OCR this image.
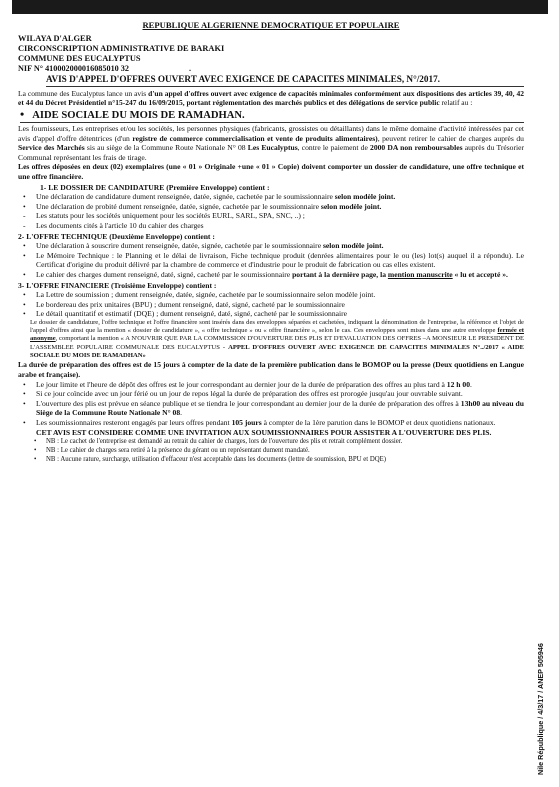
REPUBLIQUE ALGERIENNE DEMOCRATIQUE ET POPULAIRE
WILAYA D'ALGER
CIRCONSCRIPTION ADMINISTRATIVE DE BARAKI
COMMUNE DES EUCALYPTUS
NIF N° 410002000016085010 32	.
AVIS D'APPEL D'OFFRES OUVERT AVEC EXIGENCE DE CAPACITES MINIMALES, N°/2017.

La commune des Eucalyptus lance un avis d'un appel d'offres ouvert avec exigence de capacités minimales conformément aux dispositions des articles 39, 40, 42 et 44 du Décret Présidentiel n°15-247 du 16/09/2015, portant réglementation des marchés publics et des délégations de service public relatif au :

• AIDE SOCIALE DU MOIS DE RAMADHAN.

Les fournisseurs, Les entreprises et/ou les sociétés, les personnes physiques (fabricants, grossistes ou détaillants) dans le même domaine d'activité intéressées par cet avis d'appel d'offre détentrices (d'un registre de commerce commercialisation et vente de produits alimentaires), peuvent retirer le cahier de charges auprès du Service des Marchés sis au siège de la Commune Route Nationale N° 08 Les Eucalyptus, contre le paiement de 2000 DA non remboursables auprès du Trésorier Communal représentant les frais de tirage.

Les offres déposées en deux (02) exemplaires (une « 01 » Originale +une « 01 » Copie) doivent comporter un dossier de candidature, une offre technique et une offre financière.

1- LE DOSSIER DE CANDIDATURE (Première Enveloppe) contient :
• Une déclaration de candidature dument renseignée, datée, signée, cachetée par le soumissionnaire selon modèle joint.
• Une déclaration de probité dument renseignée, datée, signée, cachetée par le soumissionnaire selon modèle joint.
- Les statuts pour les sociétés uniquement pour les sociétés EURL, SARL, SPA, SNC, ..) ;
- Les documents cités à l'article 10 du cahier des charges
2- L'OFFRE TECHNIQUE (Deuxième Enveloppe) contient :
• Une déclaration à souscrire dument renseignée, datée, signée, cachetée par le soumissionnaire selon modèle joint.
• Le Mémoire Technique : le Planning et le délai de livraison, Fiche technique produit (denrées alimentaires pour le ou (les) lot(s) auquel il a répondu). Le Certificat d'origine du produit délivré par la chambre de commerce et d'industrie pour le produit de fabrication ou cas elles existent.
• Le cahier des charges dument renseigné, daté, signé, cacheté par le soumissionnaire portant à la dernière page, la mention manuscrite « lu et accepté ».
3- L'OFFRE FINANCIERE (Troisième Enveloppe) contient :
• La Lettre de soumission ; dument renseignée, datée, signée, cachetée par le soumissionnaire selon modèle joint.
• Le bordereau des prix unitaires (BPU) ; dument renseigné, daté, signé, cacheté par le soumissionnaire
• Le détail quantitatif et estimatif (DQE) ; dument renseigné, daté, signé, cacheté par le soumissionnaire

Le dossier de candidature, l'offre technique et l'offre financière sont insérés dans des enveloppes séparées et cachetées, indiquant la dénomination de l'entreprise, la référence et l'objet de l'appel d'offres ainsi que la mention « dossier de candidature », « offre technique » ou « offre financière », selon le cas. Ces enveloppes sont mises dans une autre enveloppe fermée et anonyme, comportant la mention « A N'OUVRIR QUE PAR LA COMMISSION D'OUVERTURE DES PLIS ET D'EVALUATION DES OFFRES –A MONSIEUR LE PRESIDENT DE L'ASSEMBLEE POPULAIRE COMMUNALE DES EUCALYPTUS - APPEL D'OFFRES OUVERT AVEC EXIGENCE DE CAPACITES MINIMALES N°../2017 « AIDE SOCIALE DU MOIS DE RAMADHAN»

La durée de préparation des offres est de 15 jours à compter de la date de la première publication dans le BOMOP ou la presse (Deux quotidiens en Langue arabe et française).

• Le jour limite et l'heure de dépôt des offres est le jour correspondant au dernier jour de la durée de préparation des offres au plus tard à 12 h 00.
• Si ce jour coïncide avec un jour férié ou un jour de repos légal la durée de préparation des offres est prorogée jusqu'au jour ouvrable suivant.
• L'ouverture des plis est prévue en séance publique et se tiendra le jour correspondant au dernier jour de la durée de préparation des offres à 13h00 au niveau du Siège de la Commune Route Nationale N° 08.
• Les soumissionnaires resteront engagés par leurs offres pendant 105 jours à compter de la 1ère parution dans le BOMOP et deux quotidiens nationaux.

CET AVIS EST CONSIDERE COMME UNE INVITATION AUX SOUMISSIONNAIRES POUR ASSISTER A L'OUVERTURE DES PLIS.

• NB : Le cachet de l'entreprise est demandé au retrait du cahier de charges, lors de l'ouverture des plis et retrait complément dossier.
• NB : Le cahier de charges sera retiré à la présence du gérant ou un représentant dument mandaté.
• NB : Aucune rature, surcharge, utilisation d'effaceur n'est acceptable dans les documents (lettre de soumission, BPU et DQE)
Nile République / 4/3/17 / ANEP 505946
